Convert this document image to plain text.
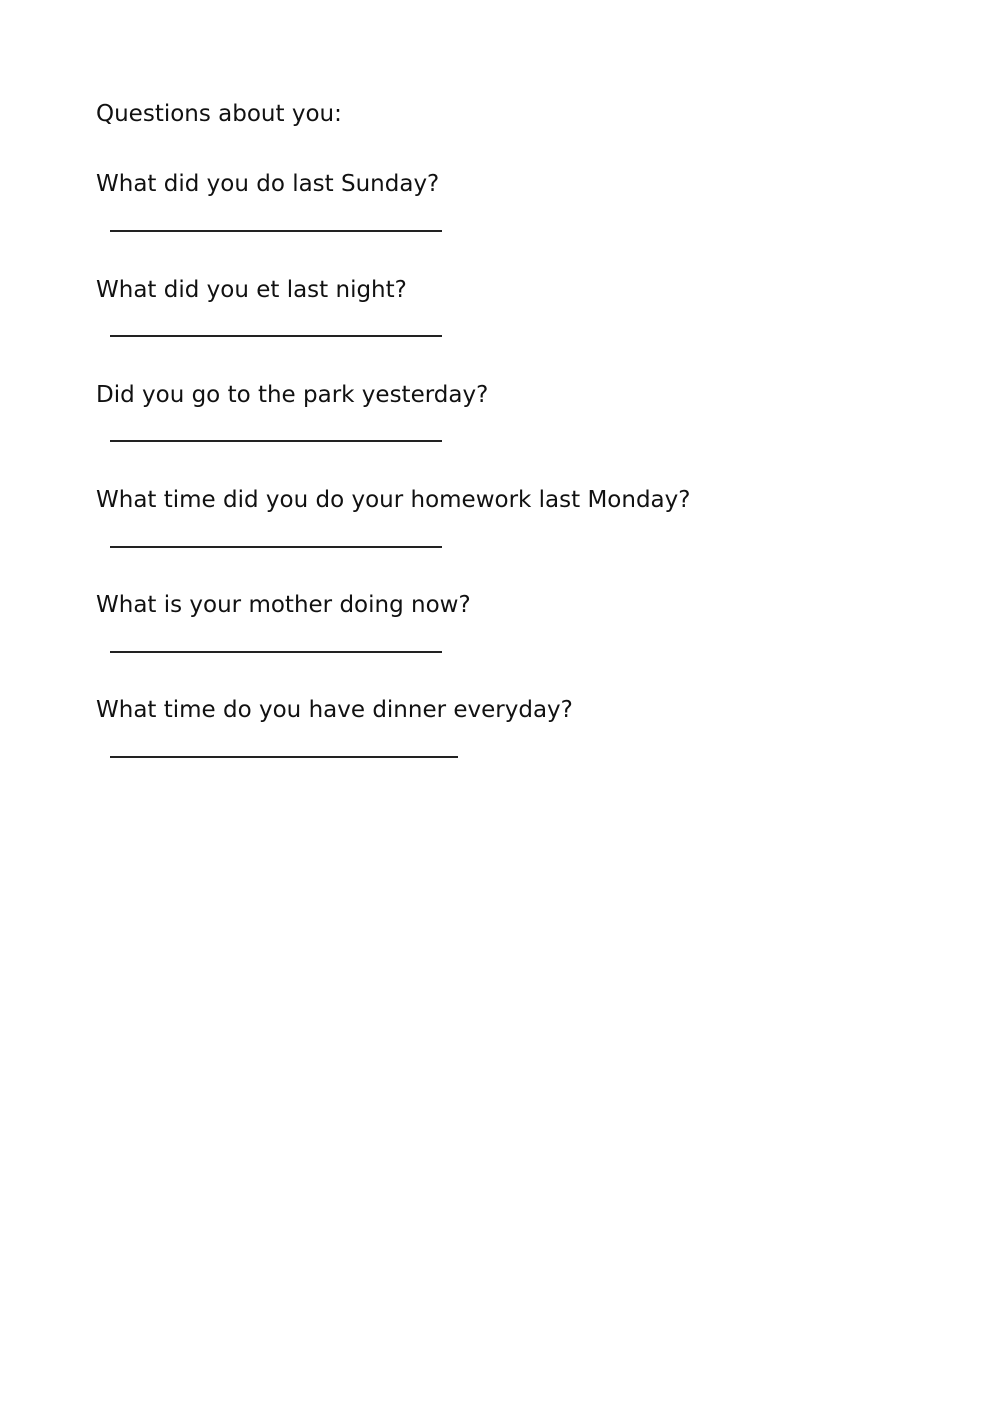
Questions about you:
What did you do last Sunday?
What did you et last night?
Did you go to the park yesterday?
What time did you do your homework last Monday?
What is your mother doing now?
What time do you have dinner everyday?
